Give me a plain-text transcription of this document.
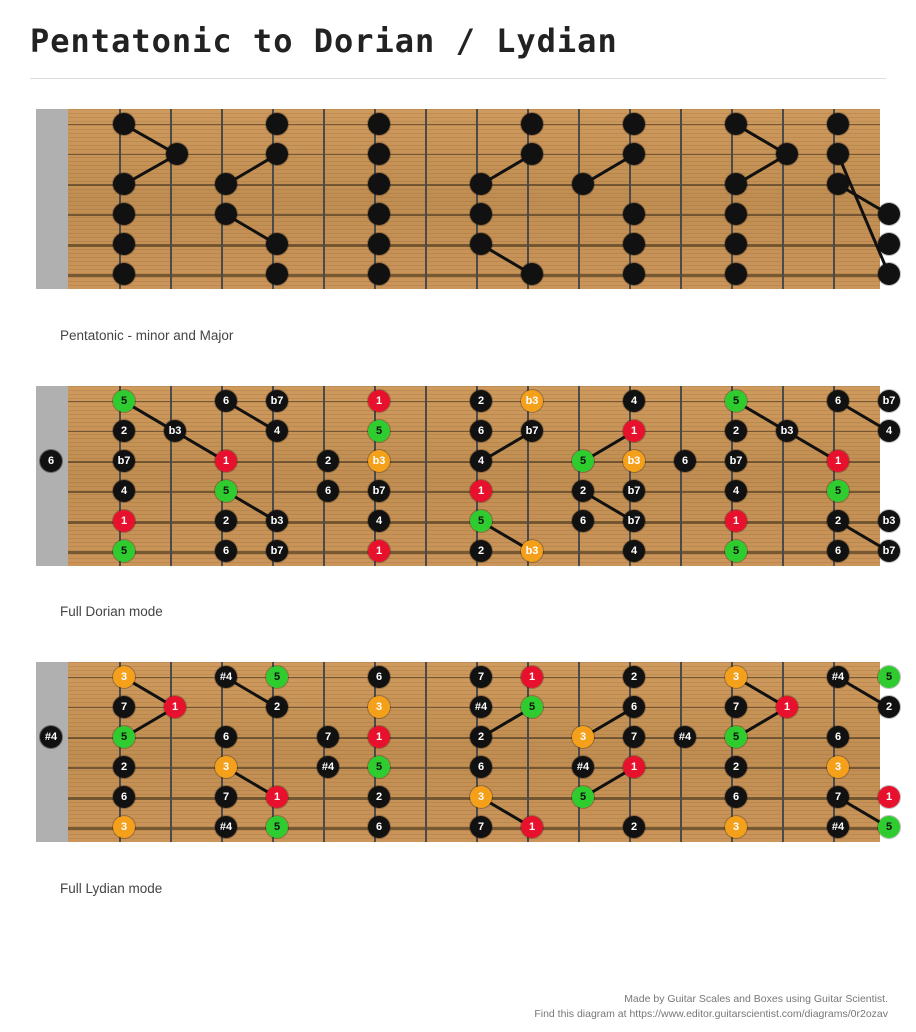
Pentatonic to Dorian / Lydian
Pentatonic - minor and Major
5
2
b7
4
1
5
6	b7
b3	4
1
5
2	b3
6	b7
2
6
1
5
b3
b7
4
1
2
6
4
1
5
2
b3
b7
5
2
6
b3
4
1
b3
b7
b7
4
6
5
2	b3
b7
4
1
5
6	b7
4
1
5
2	b3
6	b7
6
Full Dorian mode
3
7	1
5
2
6
3
#4	5
2
6
3
7	1
#4	5
7
#4
6
3
1
5
2
6
7
#4
2
6
3
7
1
5
#4
1
3
5
2
6
7
1
2
#4
3
7	1
5
2
6
3
#4	5
2
6
3
7	1
#4	5
#4
Full Lydian mode
Made by Guitar Scales and Boxes using Guitar Scientist.
Find this diagram at https://www.editor.guitarscientist.com/diagrams/0r2ozav
